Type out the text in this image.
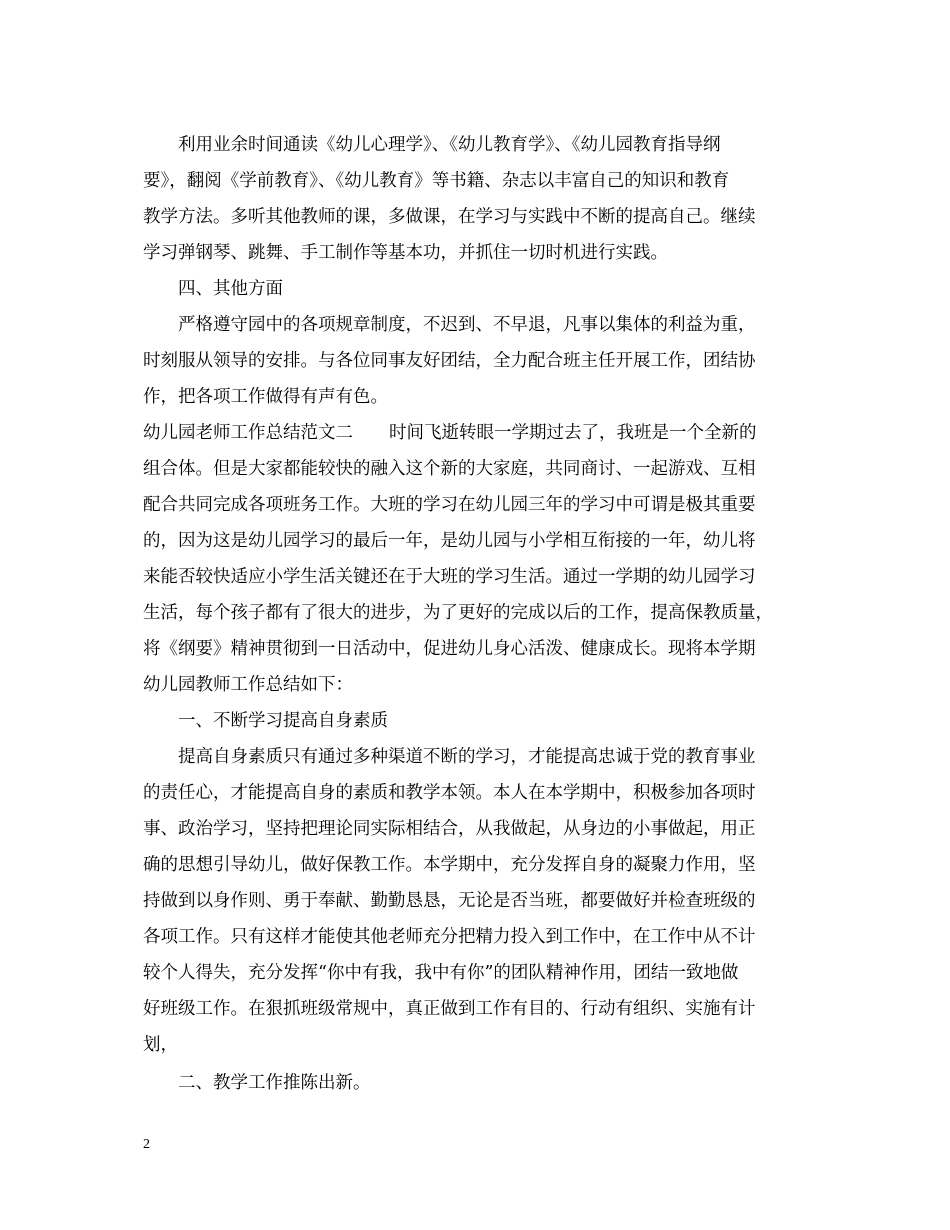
利用业余时间通读《幼儿心理学》、《幼儿教育学》、《幼儿园教育指导纲
要》，翻阅《学前教育》、《幼儿教育》等书籍、杂志以丰富自己的知识和教育
教学方法。多听其他教师的课，多做课，在学习与实践中不断的提高自己。继续
学习弹钢琴、跳舞、手工制作等基本功，并抓住一切时机进行实践。
四、其他方面
严格遵守园中的各项规章制度，不迟到、不早退，凡事以集体的利益为重，
时刻服从领导的安排。与各位同事友好团结，全力配合班主任开展工作，团结协
作，把各项工作做得有声有色。
幼儿园老师工作总结范文二 时间飞逝转眼一学期过去了，我班是一个全新的
组合体。但是大家都能较快的融入这个新的大家庭，共同商讨、一起游戏、互相
配合共同完成各项班务工作。大班的学习在幼儿园三年的学习中可谓是极其重要
的，因为这是幼儿园学习的最后一年，是幼儿园与小学相互衔接的一年，幼儿将
来能否较快适应小学生活关键还在于大班的学习生活。通过一学期的幼儿园学习
生活，每个孩子都有了很大的进步，为了更好的完成以后的工作，提高保教质量，
将《纲要》精神贯彻到一日活动中，促进幼儿身心活泼、健康成长。现将本学期
幼儿园教师工作总结如下：
一、不断学习提高自身素质
提高自身素质只有通过多种渠道不断的学习，才能提高忠诚于党的教育事业
的责任心，才能提高自身的素质和教学本领。本人在本学期中，积极参加各项时
事、政治学习，坚持把理论同实际相结合，从我做起，从身边的小事做起，用正
确的思想引导幼儿，做好保教工作。本学期中，充分发挥自身的凝聚力作用，坚
持做到以身作则、勇于奉献、勤勤恳恳，无论是否当班，都要做好并检查班级的
各项工作。只有这样才能使其他老师充分把精力投入到工作中，在工作中从不计
较个人得失，充分发挥“你中有我，我中有你”的团队精神作用，团结一致地做
好班级工作。在狠抓班级常规中，真正做到工作有目的、行动有组织、实施有计
划，
二、教学工作推陈出新。
2
